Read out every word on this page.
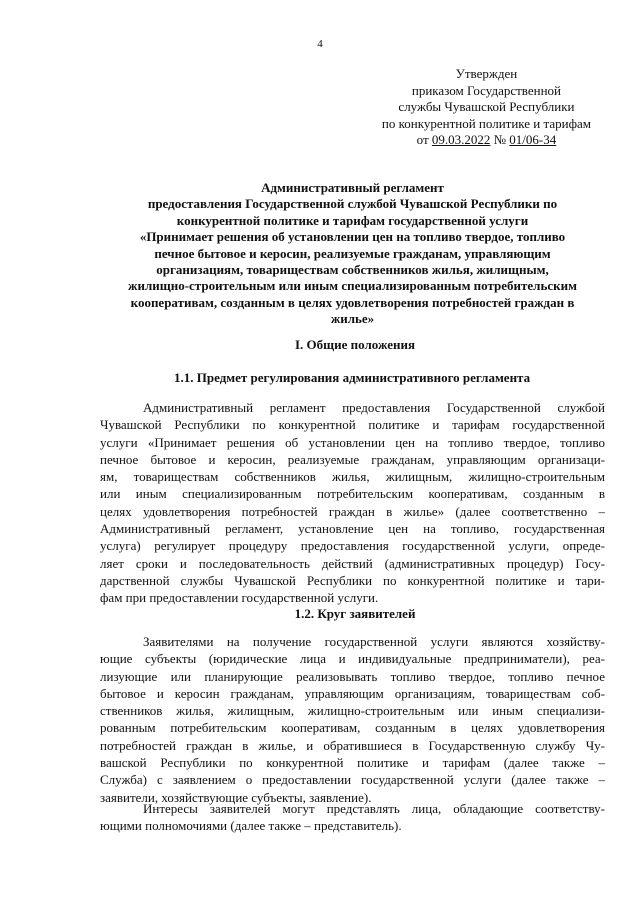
4
Утвержден
приказом Государственной
службы Чувашской Республики
по конкурентной политике и тарифам
от 09.03.2022 № 01/06-34
Административный регламент
предоставления Государственной службой Чувашской Республики по
конкурентной политике и тарифам государственной услуги
«Принимает решения об установлении цен на топливо твердое, топливо
печное бытовое и керосин, реализуемые гражданам, управляющим
организациям, товариществам собственников жилья, жилищным,
жилищно-строительным или иным специализированным потребительским
кооперативам, созданным в целях удовлетворения потребностей граждан в
жилье»
I. Общие положения
1.1. Предмет регулирования административного регламента
Административный регламент предоставления Государственной службой
Чувашской Республики по конкурентной политике и тарифам государственной
услуги «Принимает решения об установлении цен на топливо твердое, топливо
печное бытовое и керосин, реализуемые гражданам, управляющим организаци-
ям, товариществам собственников жилья, жилищным, жилищно-строительным
или иным специализированным потребительским кооперативам, созданным в
целях удовлетворения потребностей граждан в жилье» (далее соответственно –
Административный регламент, установление цен на топливо, государственная
услуга) регулирует процедуру предоставления государственной услуги, опреде-
ляет сроки и последовательность действий (административных процедур) Госу-
дарственной службы Чувашской Республики по конкурентной политике и тари-
фам при предоставлении государственной услуги.
1.2. Круг заявителей
Заявителями на получение государственной услуги являются хозяйству-
ющие субъекты (юридические лица и индивидуальные предприниматели), реа-
лизующие или планирующие реализовывать топливо твердое, топливо печное
бытовое и керосин гражданам, управляющим организациям, товариществам соб-
ственников жилья, жилищным, жилищно-строительным или иным специализи-
рованным потребительским кооперативам, созданным в целях удовлетворения
потребностей граждан в жилье, и обратившиеся в Государственную службу Чу-
вашской Республики по конкурентной политике и тарифам (далее также –
Служба) с заявлением о предоставлении государственной услуги (далее также –
заявители, хозяйствующие субъекты, заявление).
Интересы заявителей могут представлять лица, обладающие соответству-
ющими полномочиями (далее также – представитель).
